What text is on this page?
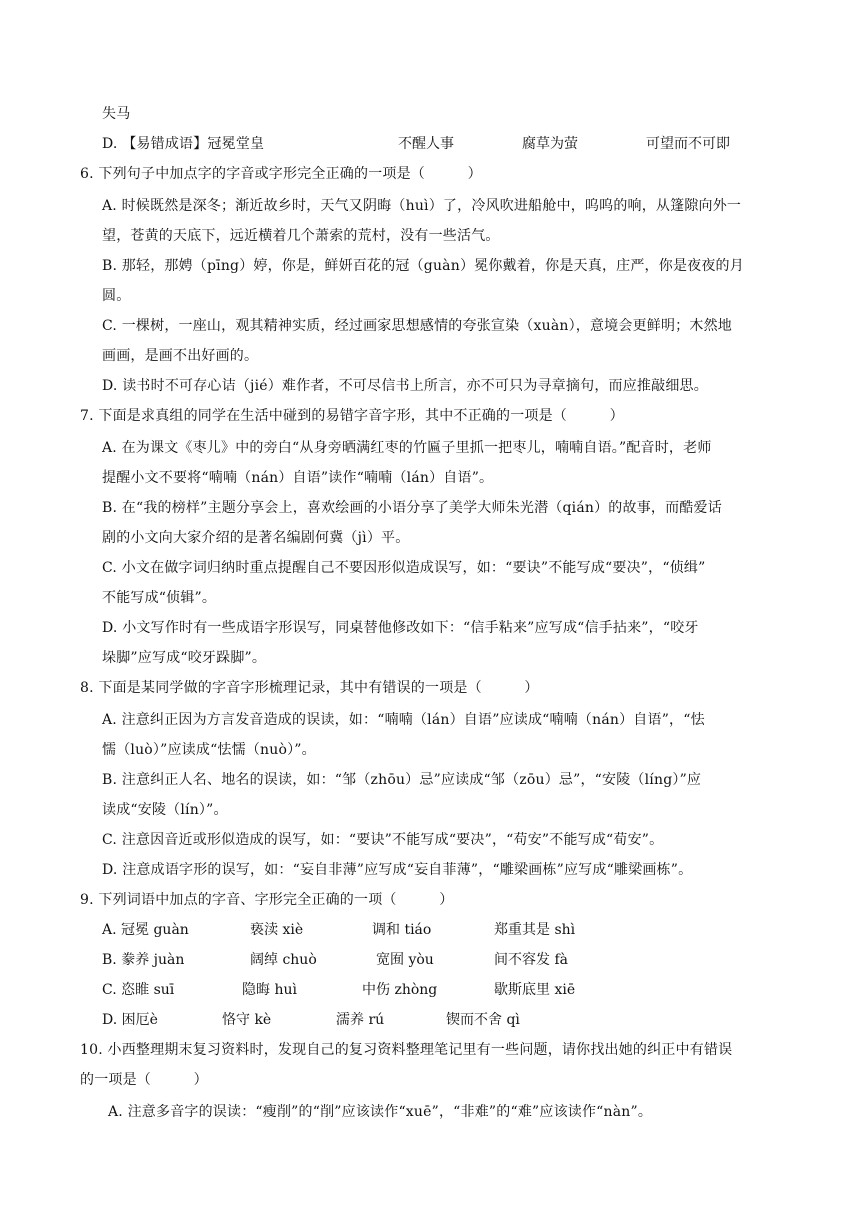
失马
D. 【易错成语】冠冕堂皇	不醒人事	腐草为萤	可望而不可即
6. 下列句子中加点字的字音或字形完全正确的一项是（　　　）
A. 时候既然是深冬；渐近故乡时，天气又阴晦（huì）了，冷风吹进船舱中，呜呜的响，从篷隙向外一
望，苍黄的天底下，远近横着几个萧索的荒村，没有一些活气。
B. 那轻，那娉（pīng）婷，你是，鲜妍百花的冠（guàn）冕你戴着，你是天真，庄严，你是夜夜的月
圆。
C. 一棵树，一座山，观其精神实质，经过画家思想感情的夸张宣染（xuàn），意境会更鲜明；木然地
画画，是画不出好画的。
D. 读书时不可存心诘（jié）难作者，不可尽信书上所言，亦不可只为寻章摘句，而应推敲细思。
7. 下面是求真组的同学在生活中碰到的易错字音字形，其中不正确的一项是（　　　）
A. 在为课文《枣儿》中的旁白“从身旁晒满红枣的竹匾子里抓一把枣儿，喃喃自语。”配音时，老师
提醒小文不要将“喃喃（nán）自语”读作“喃喃（lán）自语”。
B. 在“我的榜样”主题分享会上，喜欢绘画的小语分享了美学大师朱光潜（qián）的故事，而酷爱话
剧的小文向大家介绍的是著名编剧何冀（jì）平。
C. 小文在做字词归纳时重点提醒自己不要因形似造成误写，如：“要诀”不能写成“要决”，“侦缉”
不能写成“侦辑”。
D. 小文写作时有一些成语字形误写，同桌替他修改如下：“信手粘来”应写成“信手拈来”，“咬牙
垛脚”应写成“咬牙跺脚”。
8. 下面是某同学做的字音字形梳理记录，其中有错误的一项是（　　　）
A. 注意纠正因为方言发音造成的误读，如：“喃喃（lán）自语”应读成“喃喃（nán）自语”，“怯
懦（luò）”应读成“怯懦（nuò）”。
B. 注意纠正人名、地名的误读，如：“邹（zhōu）忌”应读成“邹（zōu）忌”，“安陵（líng）”应
读成“安陵（lín）”。
C. 注意因音近或形似造成的误写，如：“要诀”不能写成“要决”，“苟安”不能写成“荀安”。
D. 注意成语字形的误写，如：“妄自非薄”应写成“妄自菲薄”，“雕梁画栋”应写成“雕梁画栋”。
9. 下列词语中加点的字音、字形完全正确的一项（　　　）
A. 冠冕 guàn	亵渎 xiè	调和 tiáo	郑重其是 shì
B. 豢养 juàn	阔绰 chuò	宽囿 yòu	间不容发 fà
C. 恣睢 suī	隐晦 huì	中伤 zhòng	歇斯底里 xiē
D. 困厄è	恪守 kè	濡养 rú	锲而不舍 qì
10. 小西整理期末复习资料时，发现自己的复习资料整理笔记里有一些问题，请你找出她的纠正中有错误
的一项是（　　　）
A. 注意多音字的误读：“瘦削”的“削”应该读作“xuē”，“非难”的“难”应该读作“nàn”。
